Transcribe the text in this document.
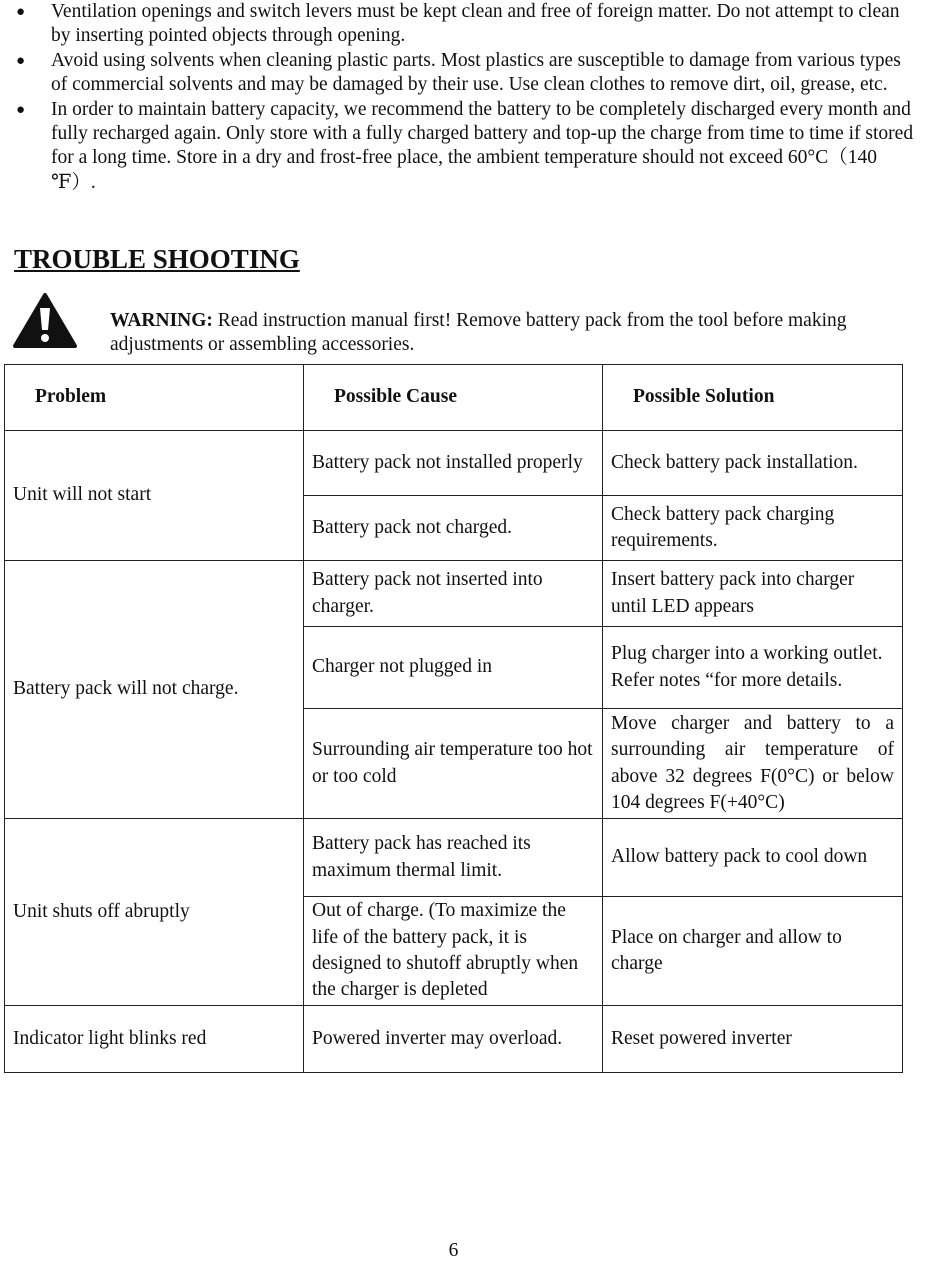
● Ventilation openings and switch levers must be kept clean and free of foreign matter. Do not attempt to clean by inserting pointed objects through opening.
● Avoid using solvents when cleaning plastic parts. Most plastics are susceptible to damage from various types of commercial solvents and may be damaged by their use. Use clean clothes to remove dirt, oil, grease, etc.
● In order to maintain battery capacity, we recommend the battery to be completely discharged every month and fully recharged again. Only store with a fully charged battery and top-up the charge from time to time if stored for a long time. Store in a dry and frost-free place, the ambient temperature should not exceed 60°C（140 ℉）.
TROUBLE SHOOTING

WARNING: Read instruction manual first! Remove battery pack from the tool before making adjustments or assembling accessories.

Problem	Possible Cause	Possible Solution
Unit will not start	Battery pack not installed properly	Check battery pack installation.
	Battery pack not charged.	Check battery pack charging requirements.
Battery pack will not charge.	Battery pack not inserted into charger.	Insert battery pack into charger until LED appears
	Charger not plugged in	Plug charger into a working outlet. Refer notes “for more details.
	Surrounding air temperature too hot or too cold	Move charger and battery to a surrounding air temperature of above 32 degrees F(0°C) or below 104 degrees F(+40°C)
Unit shuts off abruptly	Battery pack has reached its maximum thermal limit.	Allow battery pack to cool down
	Out of charge. (To maximize the life of the battery pack, it is designed to shutoff abruptly when the charger is depleted	Place on charger and allow to charge
Indicator light blinks red	Powered inverter may overload.	Reset powered inverter
6
